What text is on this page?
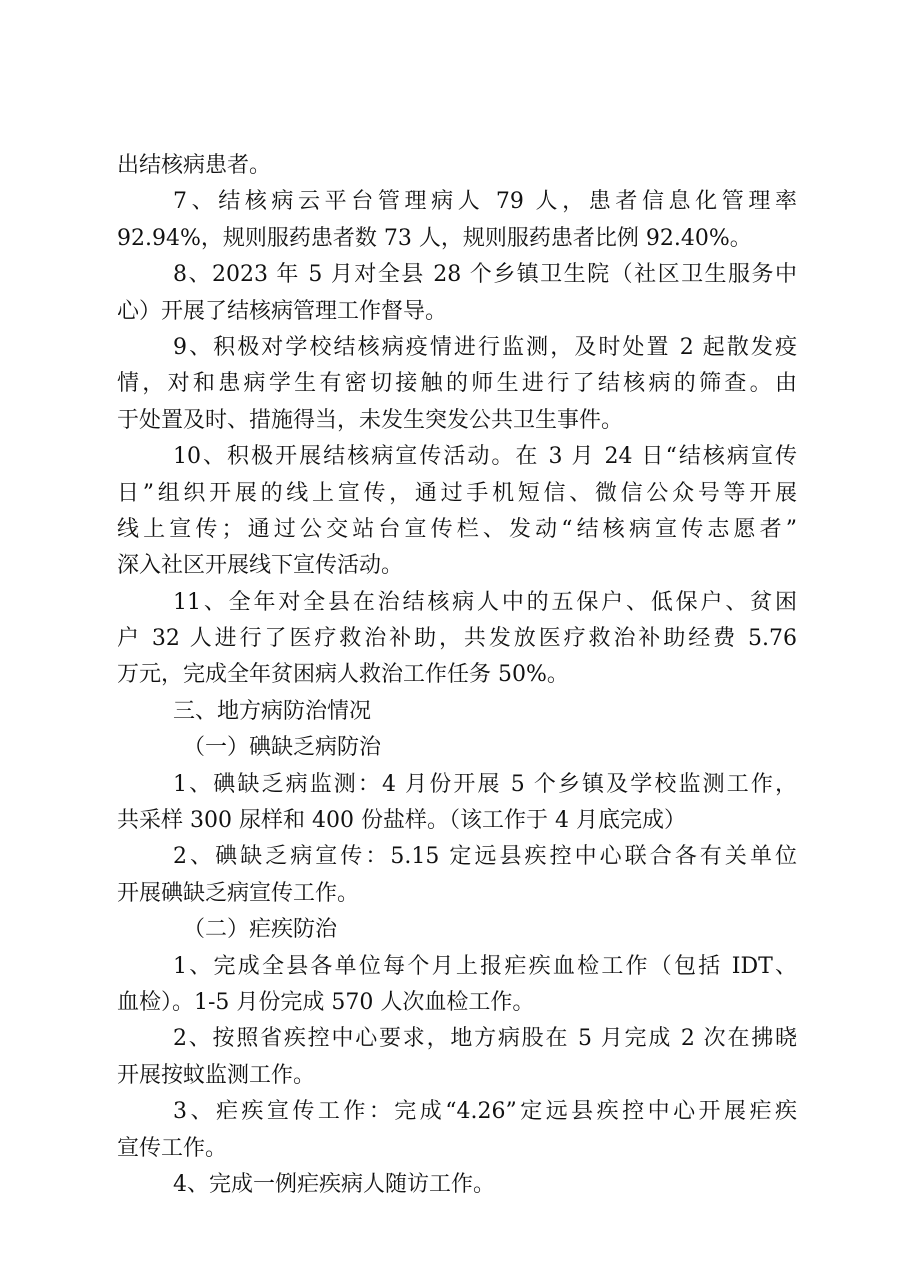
出结核病患者。
7、结核病云平台管理病人 79 人，患者信息化管理率
92.94%，规则服药患者数 73 人，规则服药患者比例 92.40%。
8、2023 年 5 月对全县 28 个乡镇卫生院（社区卫生服务中
心）开展了结核病管理工作督导。
9、积极对学校结核病疫情进行监测，及时处置 2 起散发疫
情，对和患病学生有密切接触的师生进行了结核病的筛查。由
于处置及时、措施得当，未发生突发公共卫生事件。
10、积极开展结核病宣传活动。在 3 月 24 日“结核病宣传
日”组织开展的线上宣传，通过手机短信、微信公众号等开展
线上宣传；通过公交站台宣传栏、发动“结核病宣传志愿者”
深入社区开展线下宣传活动。
11、全年对全县在治结核病人中的五保户、低保户、贫困
户 32 人进行了医疗救治补助，共发放医疗救治补助经费 5.76
万元，完成全年贫困病人救治工作任务 50%。
三、地方病防治情况
（一）碘缺乏病防治
1、碘缺乏病监测：4 月份开展 5 个乡镇及学校监测工作，
共采样 300 尿样和 400 份盐样。（该工作于 4 月底完成）
2、碘缺乏病宣传：5.15 定远县疾控中心联合各有关单位
开展碘缺乏病宣传工作。
（二）疟疾防治
1、完成全县各单位每个月上报疟疾血检工作（包括 IDT、
血检）。1-5 月份完成 570 人次血检工作。
2、按照省疾控中心要求，地方病股在 5 月完成 2 次在拂晓
开展按蚊监测工作。
3、疟疾宣传工作：完成“4.26”定远县疾控中心开展疟疾
宣传工作。
4、完成一例疟疾病人随访工作。
